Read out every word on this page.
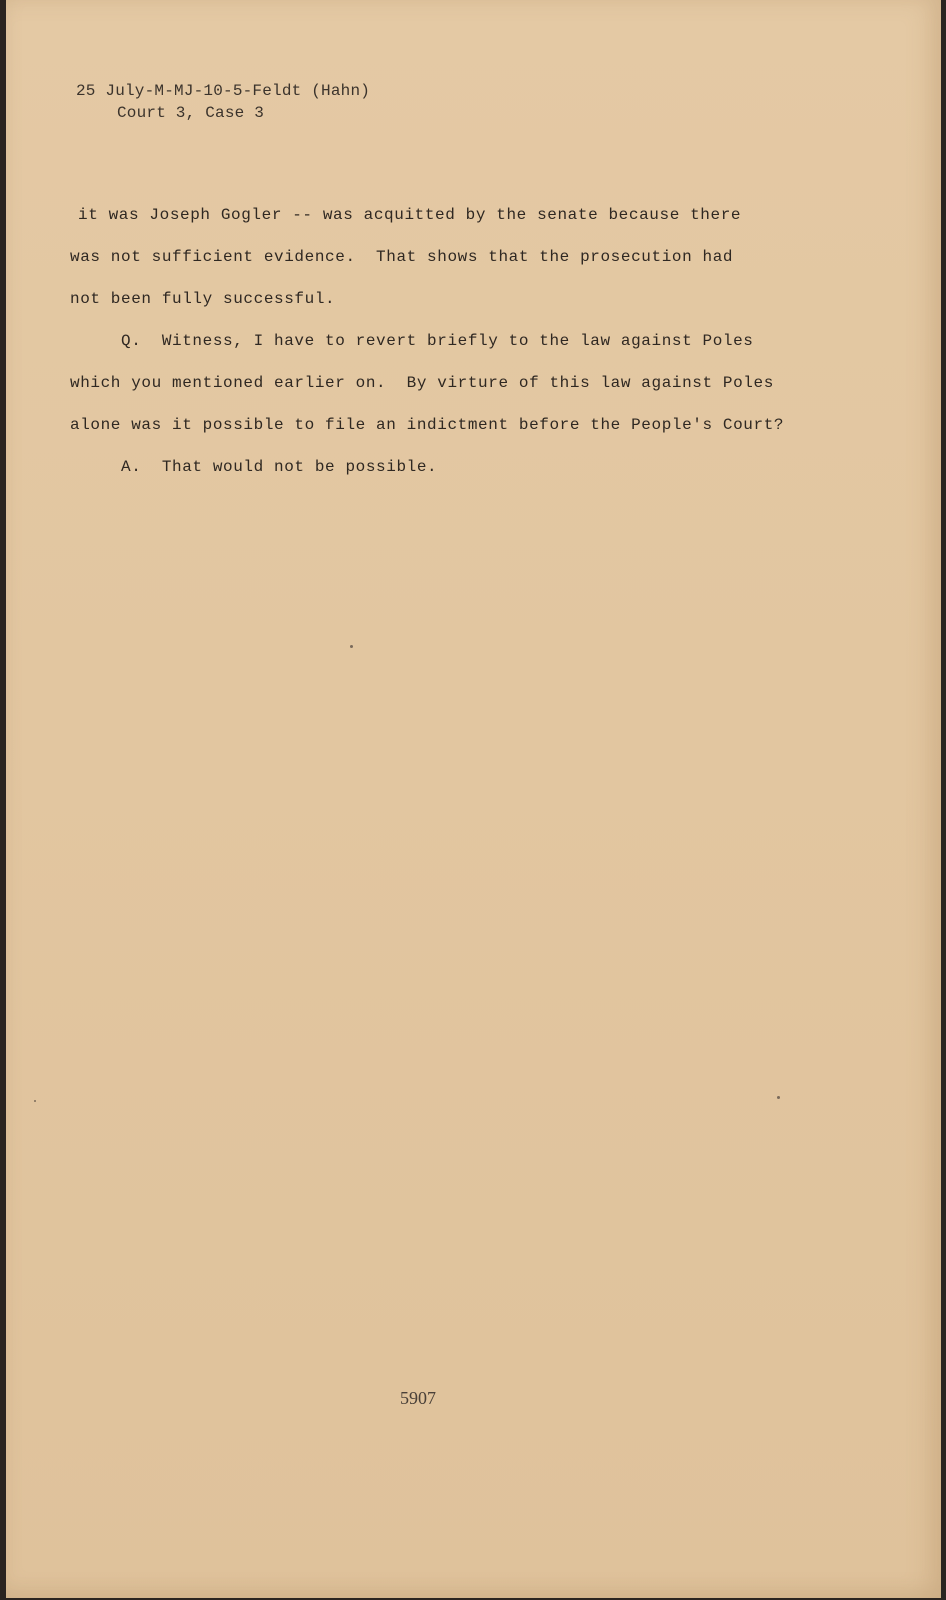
25 July-M-MJ-10-5-Feldt (Hahn)
Court 3, Case 3
it was Joseph Gogler -- was acquitted by the senate because there
was not sufficient evidence.  That shows that the prosecution had
not been fully successful.
Q.  Witness, I have to revert briefly to the law against Poles
which you mentioned earlier on.  By virture of this law against Poles
alone was it possible to file an indictment before the People's Court?
A.  That would not be possible.
5907
